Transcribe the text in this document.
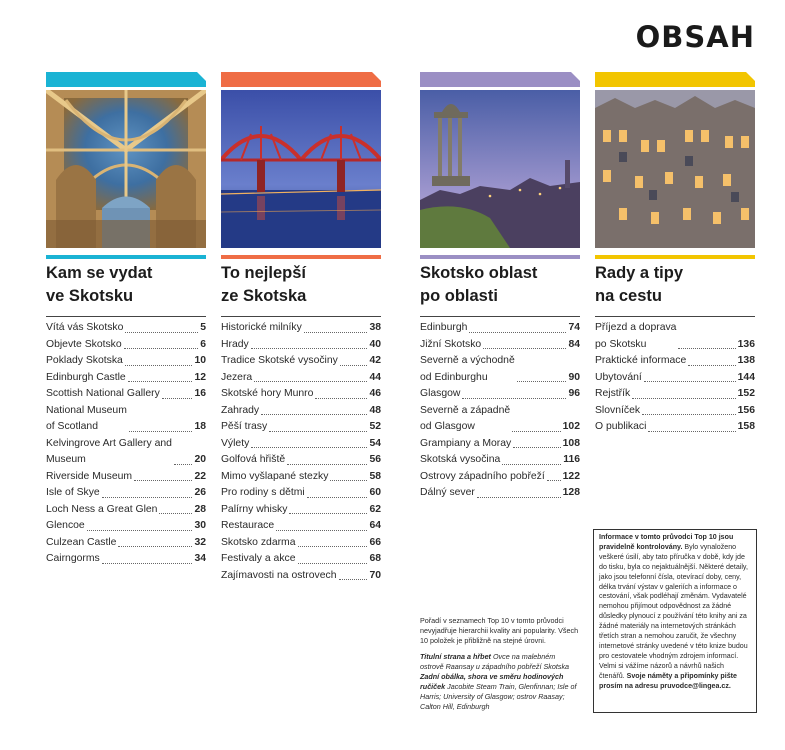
OBSAH
Kam se vydat
ve Skotsku
Vítá vás Skotsko	5
Objevte Skotsko	6
Poklady Skotska	10
Edinburgh Castle	12
Scottish National Gallery	16
National Museum
of Scotland	18
Kelvingrove Art Gallery and
Museum	20
Riverside Museum	22
Isle of Skye	26
Loch Ness a Great Glen	28
Glencoe	30
Culzean Castle	32
Cairngorms	34
To nejlepší
ze Skotska
Historické milníky	38
Hrady	40
Tradice Skotské vysočiny	42
Jezera	44
Skotské hory Munro	46
Zahrady	48
Pěší trasy	52
Výlety	54
Golfová hřiště	56
Mimo vyšlapané stezky	58
Pro rodiny s dětmi	60
Palírny whisky	62
Restaurace	64
Skotsko zdarma	66
Festivaly a akce	68
Zajímavosti na ostrovech	70
Skotsko oblast
po oblasti
Edinburgh	74
Jižní Skotsko	84
Severně a východně
od Edinburghu	90
Glasgow	96
Severně a západně
od Glasgow	102
Grampiany a Moray	108
Skotská vysočina	116
Ostrovy západního pobřeží 122
Dálný sever	128
Rady a tipy
na cestu
Příjezd a doprava
po Skotsku	136
Praktické informace	138
Ubytování	144
Rejstřík	152
Slovníček	156
O publikaci	158

Pořadí v seznamech Top 10 v tomto průvodci nevyjadřuje hierarchii kvality ani popularity. Všech 10 položek je přibližně na stejné úrovni.

Titulní strana a hřbet Ovce na malebném ostrově Raansay u západního pobřeží Skotska Zadní obálka, shora ve směru hodinových ručiček Jacobite Steam Train, Glenfinnan; Isle of Harris; University of Glasgow; ostrov Raasay; Calton Hill, Edinburgh

Informace v tomto průvodci Top 10 jsou pravidelně kontrolovány. Bylo vynaloženo veškeré úsilí, aby tato příručka v době, kdy jde do tisku, byla co nejaktuálnější. Některé detaily, jako jsou telefonní čísla, otevírací doby, ceny, délka trvání výstav v galeriích a informace o cestování, však podléhají změnám. Vydavatelé nemohou přijímout odpovědnost za žádné důsledky plynoucí z používání této knihy ani za žádné materiály na internetových stránkách třetích stran a nemohou zaručit, že všechny internetové stránky uvedené v této knize budou pro cestovatele vhodným zdrojem informací. Velmi si vážíme názorů a návrhů našich čtenářů. Svoje náměty a připomínky pište prosím na adresu pruvodce@lingea.cz.
